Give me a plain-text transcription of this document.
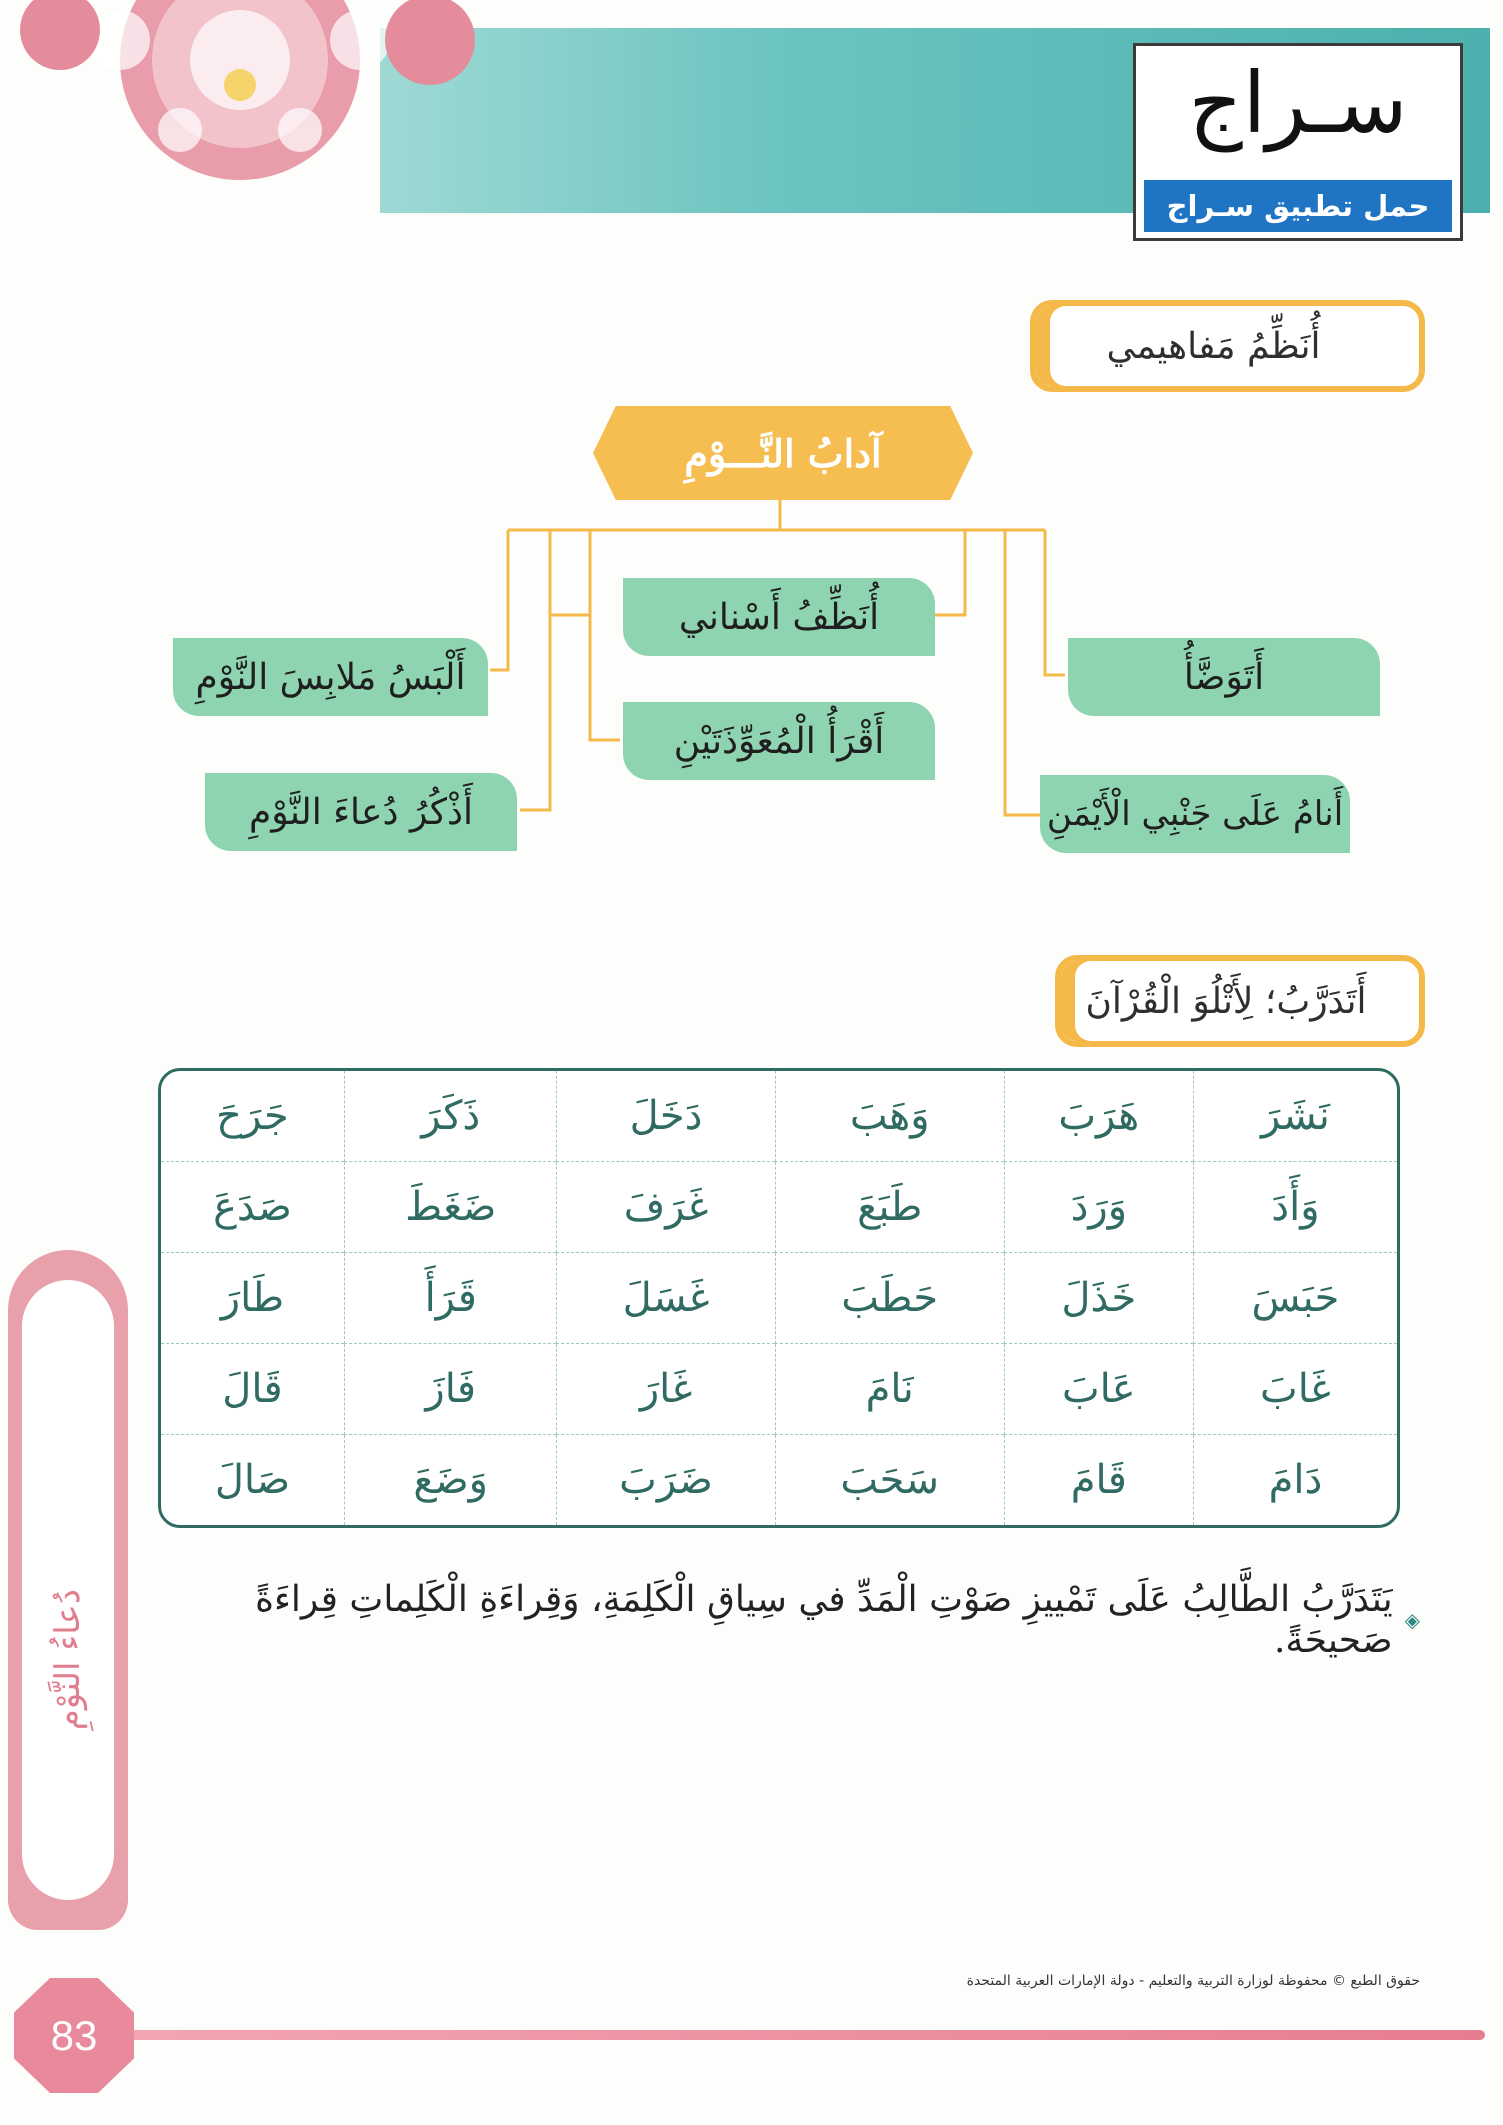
سـراج
حمل تطبيق سـراج
أُنَظِّمُ مَفاهيمي
آدابُ النَّـــوْمِ
أَتَوَضَّأُ
أَنامُ عَلَى جَنْبِي الْأَيْمَنِ
أُنَظِّفُ أَسْناني
أَقْرَأُ الْمُعَوِّذَتَيْنِ
أَلْبَسُ مَلابِسَ النَّوْمِ
أَذْكُرُ دُعاءَ النَّوْمِ
أَتَدَرَّبُ؛ لِأَتْلُوَ الْقُرْآنَ
نَشَرَ	هَرَبَ	وَهَبَ	دَخَلَ	ذَكَرَ	جَرَحَ
وَأَدَ	وَرَدَ	طَبَعَ	غَرَفَ	ضَغَطَ	صَدَعَ
حَبَسَ	خَذَلَ	حَطَبَ	غَسَلَ	قَرَأَ	طَارَ
غَابَ	عَابَ	نَامَ	غَارَ	فَازَ	قَالَ
دَامَ	قَامَ	سَحَبَ	ضَرَبَ	وَضَعَ	صَالَ
◈
يَتَدَرَّبُ الطَّالِبُ عَلَى تَمْييزِ صَوْتِ الْمَدِّ في سِياقِ الْكَلِمَةِ، وَقِراءَةِ الْكَلِماتِ قِراءَةً صَحيحَةً.
دُعاءُ النَّوْمِ
حقوق الطبع © محفوظة لوزارة التربية والتعليم - دولة الإمارات العربية المتحدة
83
